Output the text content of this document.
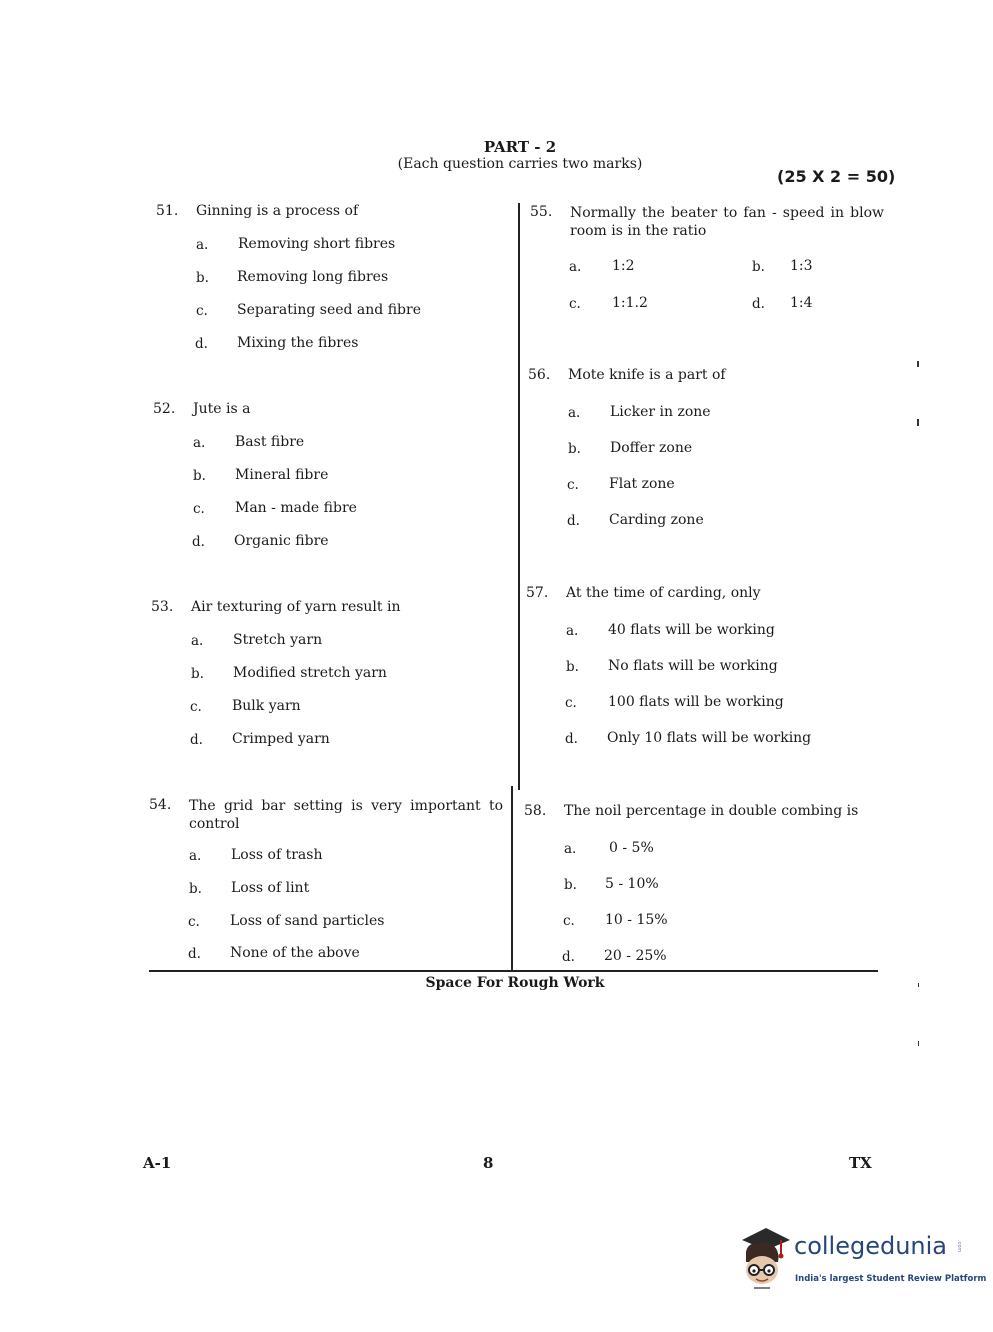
PART - 2
(Each question carries two marks)
(25 X 2 = 50)
51. Ginning is a process of
a. Removing short fibres
b. Removing long fibres
c. Separating seed and fibre
d. Mixing the fibres
52. Jute is a
a. Bast fibre
b. Mineral fibre
c. Man - made fibre
d. Organic fibre
53. Air texturing of yarn result in
a. Stretch yarn
b. Modified stretch yarn
c. Bulk yarn
d. Crimped yarn
54. The grid bar setting is very important to control
a. Loss of trash
b. Loss of lint
c. Loss of sand particles
d. None of the above
55. Normally the beater to fan - speed in blow room is in the ratio
a. 1:2	b. 1:3
c. 1:1.2	d. 1:4
56. Mote knife is a part of
a. Licker in zone
b. Doffer zone
c. Flat zone
d. Carding zone
57. At the time of carding, only
a. 40 flats will be working
b. No flats will be working
c. 100 flats will be working
d. Only 10 flats will be working
58. The noil percentage in double combing is
a. 0 - 5%
b. 5 - 10%
c. 10 - 15%
d. 20 - 25%
Space For Rough Work
A-1	8	TX
collegedunia .com
India's largest Student Review Platform
